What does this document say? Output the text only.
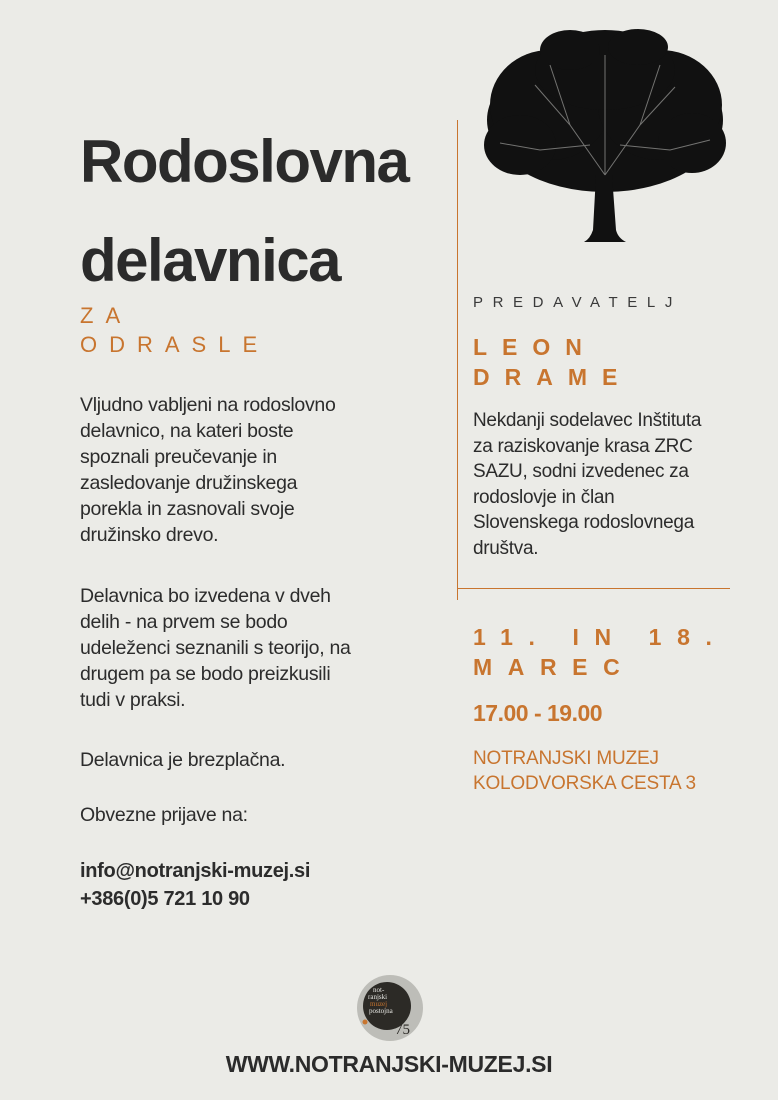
Rodoslovna
delavnica
ZA
ODRASLE
Vljudno vabljeni na rodoslovno
delavnico, na kateri boste
spoznali preučevanje in
zasledovanje družinskega
porekla in zasnovali svoje
družinsko drevo.
Delavnica bo izvedena v dveh
delih - na prvem se bodo
udeleženci seznanili s teorijo, na
drugem pa se bodo preizkusili
tudi v praksi.
Delavnica je brezplačna.
Obvezne prijave na:
info@notranjski-muzej.si
+386(0)5 721 10 90
PREDAVATELJ
LEON
DRAME
Nekdanji sodelavec Inštituta
za raziskovanje krasa ZRC
SAZU, sodni izvedenec za
rodoslovje in član
Slovenskega rodoslovnega
društva.
11. IN 18.
MAREC
17.00 - 19.00
NOTRANJSKI MUZEJ
KOLODVORSKA CESTA 3
not-
ranjski
muzej
postojna
75
WWW.NOTRANJSKI-MUZEJ.SI
